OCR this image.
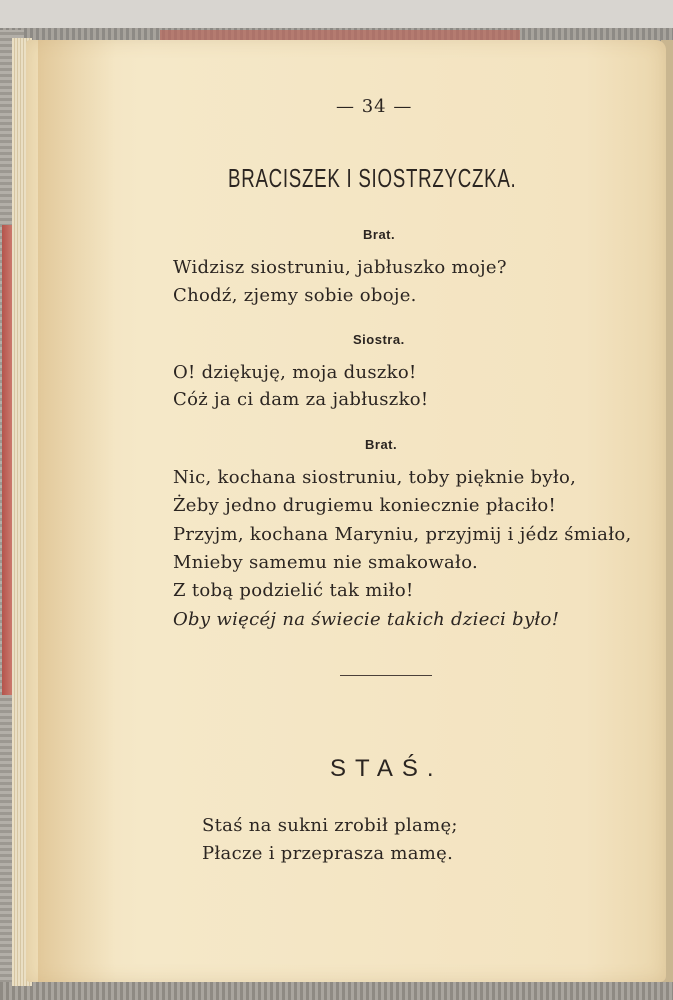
— 34 —
BRACISZEK I SIOSTRZYCZKA.
Brat.
Widzisz siostruniu, jabłuszko moje?
Chodź, zjemy sobie oboje.
Siostra.
O! dziękuję, moja duszko!
Cóż ja ci dam za jabłuszko!
Brat.
Nic, kochana siostruniu, toby pięknie było,
Żeby jedno drugiemu koniecznie płaciło!
Przyjm, kochana Maryniu, przyjmij i jédz śmiało,
Mnieby samemu nie smakowało.
Z tobą podzielić tak miło!
Oby więcéj na świecie takich dzieci było!
STAŚ.
Staś na sukni zrobił plamę;
Płacze i przeprasza mamę.
